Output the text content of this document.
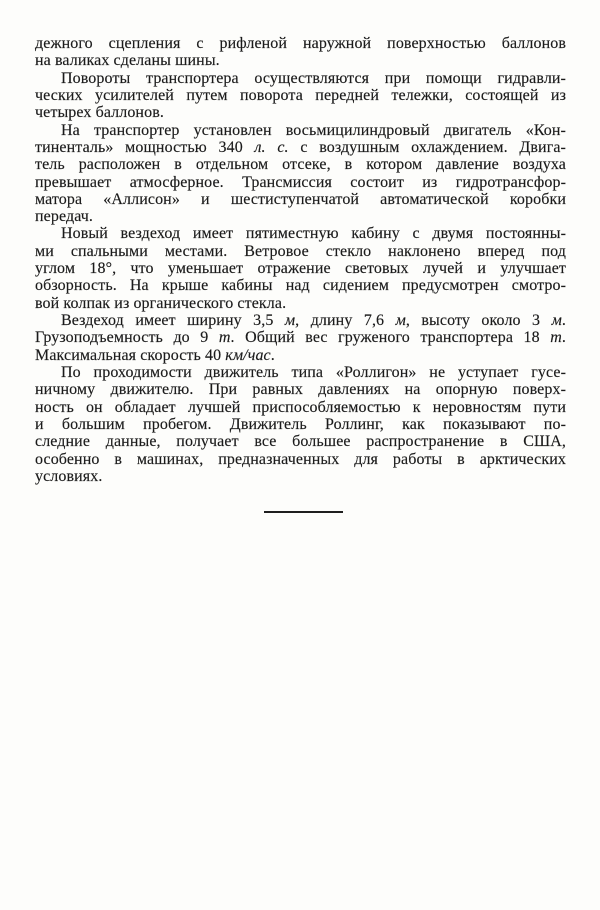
дежного сцепления с рифленой наружной поверхностью баллонов
на валиках сделаны шины.
Повороты транспортера осуществляются при помощи гидравли-
ческих усилителей путем поворота передней тележки, состоящей из
четырех баллонов.
На транспортер установлен восьмицилиндровый двигатель «Кон-
тиненталь» мощностью 340 л. с. с воздушным охлаждением. Двига-
тель расположен в отдельном отсеке, в котором давление воздуха
превышает атмосферное. Трансмиссия состоит из гидротрансфор-
матора «Аллисон» и шестиступенчатой автоматической коробки
передач.
Новый вездеход имеет пятиместную кабину с двумя постоянны-
ми спальными местами. Ветровое стекло наклонено вперед под
углом 18°, что уменьшает отражение световых лучей и улучшает
обзорность. На крыше кабины над сидением предусмотрен смотро-
вой колпак из органического стекла.
Вездеход имеет ширину 3,5 м, длину 7,6 м, высоту около 3 м.
Грузоподъемность до 9 т. Общий вес груженого транспортера 18 т.
Максимальная скорость 40 км/час.
По проходимости движитель типа «Роллигон» не уступает гусе-
ничному движителю. При равных давлениях на опорную поверх-
ность он обладает лучшей приспособляемостью к неровностям пути
и большим пробегом. Движитель Роллинг, как показывают по-
следние данные, получает все большее распространение в США,
особенно в машинах, предназначенных для работы в арктических
условиях.
